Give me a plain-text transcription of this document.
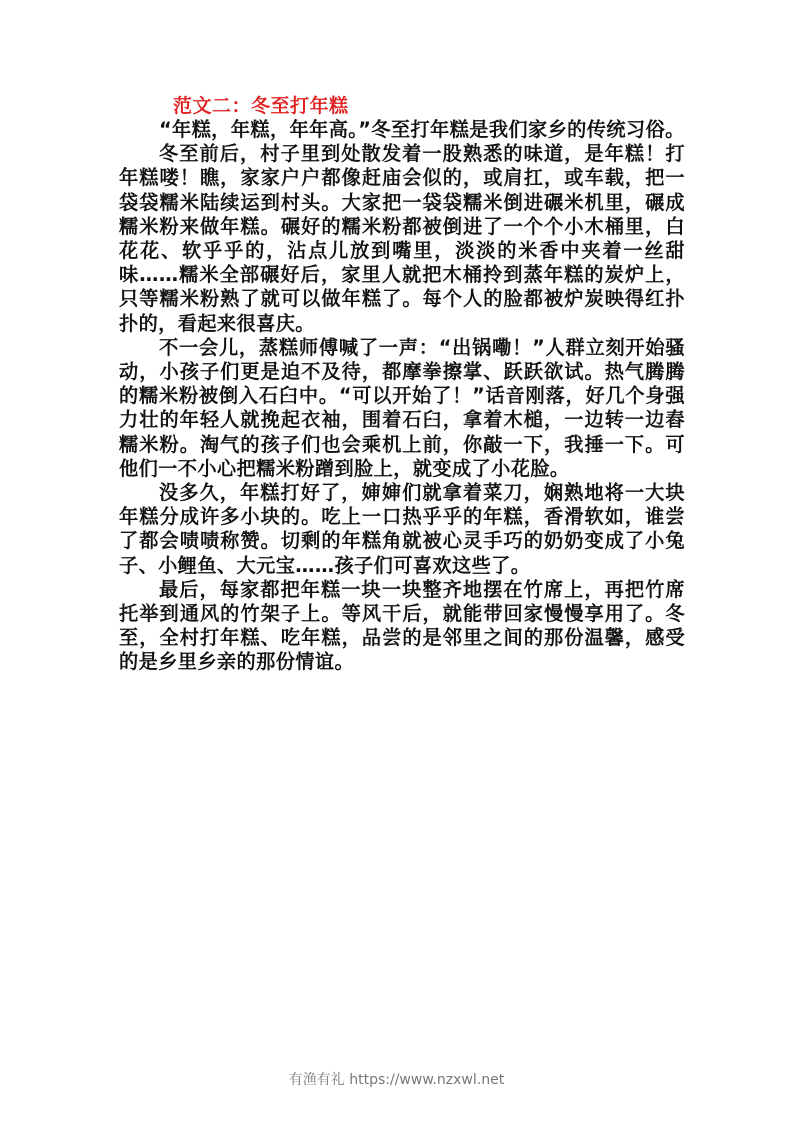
范文二：冬至打年糕

“年糕，年糕，年年高。”冬至打年糕是我们家乡的传统习俗。

冬至前后，村子里到处散发着一股熟悉的味道，是年糕！打年糕喽！瞧，家家户户都像赶庙会似的，或肩扛，或车载，把一袋袋糯米陆续运到村头。大家把一袋袋糯米倒进碾米机里，碾成糯米粉来做年糕。碾好的糯米粉都被倒进了一个个小木桶里，白花花、软乎乎的，沾点儿放到嘴里，淡淡的米香中夹着一丝甜味……糯米全部碾好后，家里人就把木桶拎到蒸年糕的炭炉上，只等糯米粉熟了就可以做年糕了。每个人的脸都被炉炭映得红扑扑的，看起来很喜庆。

不一会儿，蒸糕师傅喊了一声：“出锅嘞！”人群立刻开始骚动，小孩子们更是迫不及待，都摩拳擦掌、跃跃欲试。热气腾腾的糯米粉被倒入石臼中。“可以开始了！”话音刚落，好几个身强力壮的年轻人就挽起衣袖，围着石臼，拿着木槌，一边转一边舂糯米粉。淘气的孩子们也会乘机上前，你敲一下，我捶一下。可他们一不小心把糯米粉蹭到脸上，就变成了小花脸。

没多久，年糕打好了，婶婶们就拿着菜刀，娴熟地将一大块年糕分成许多小块的。吃上一口热乎乎的年糕，香滑软如，谁尝了都会啧啧称赞。切剩的年糕角就被心灵手巧的奶奶变成了小兔子、小鲤鱼、大元宝……孩子们可喜欢这些了。

最后，每家都把年糕一块一块整齐地摆在竹席上，再把竹席托举到通风的竹架子上。等风干后，就能带回家慢慢享用了。冬至，全村打年糕、吃年糕，品尝的是邻里之间的那份温馨，感受的是乡里乡亲的那份情谊。

有渔有礼 https://www.nzxwl.net
